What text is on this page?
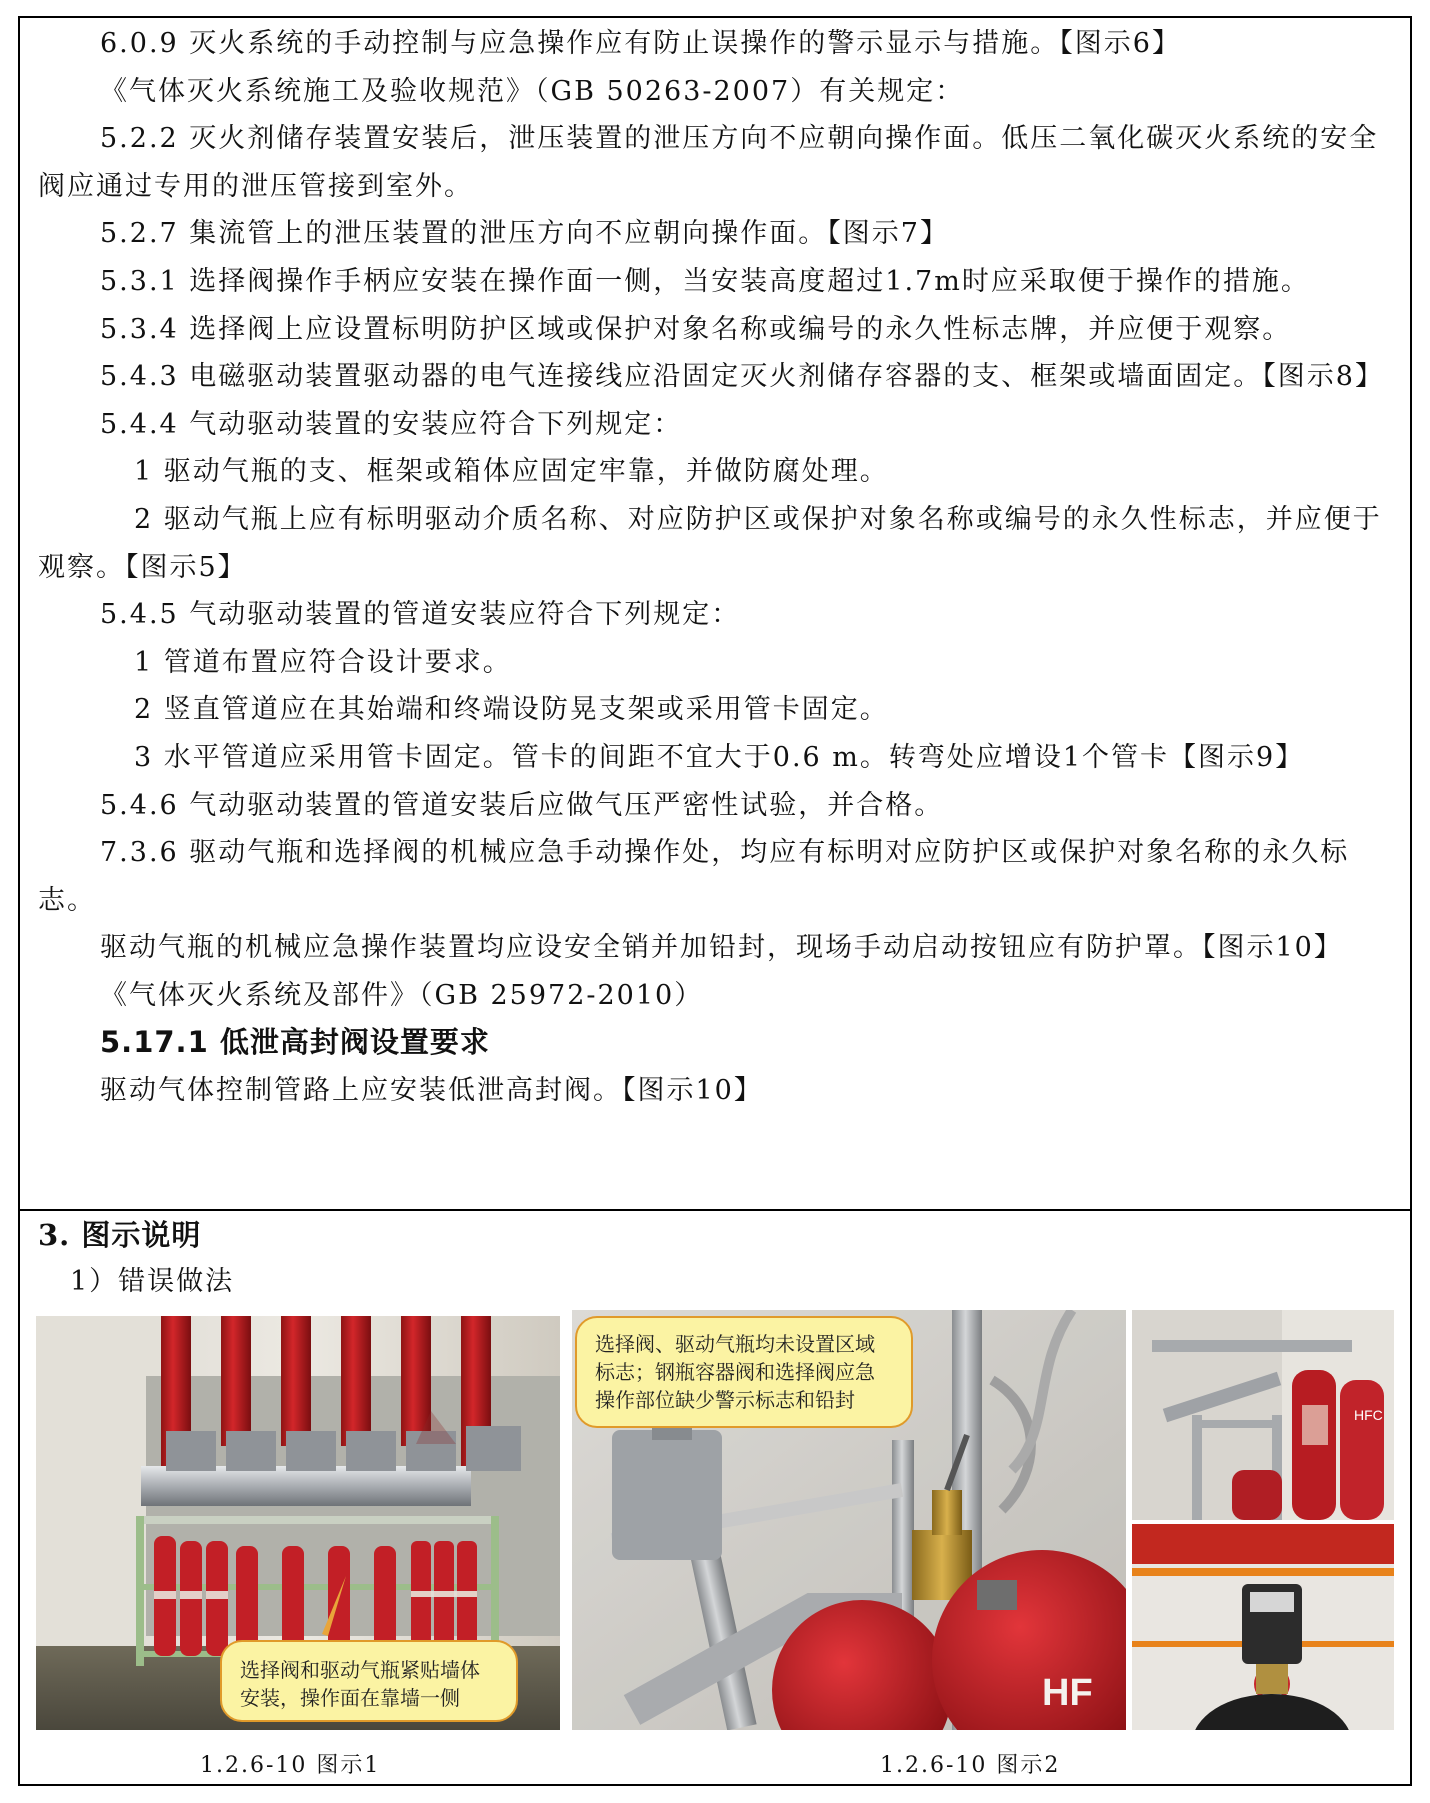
6.0.9 灭火系统的手动控制与应急操作应有防止误操作的警示显示与措施。【图示6】

《气体灭火系统施工及验收规范》（GB 50263-2007）有关规定：

5.2.2 灭火剂储存装置安装后，泄压装置的泄压方向不应朝向操作面。低压二氧化碳灭火系统的安全阀应通过专用的泄压管接到室外。

5.2.7 集流管上的泄压装置的泄压方向不应朝向操作面。【图示7】

5.3.1 选择阀操作手柄应安装在操作面一侧，当安装高度超过1.7m时应采取便于操作的措施。

5.3.4 选择阀上应设置标明防护区域或保护对象名称或编号的永久性标志牌，并应便于观察。

5.4.3 电磁驱动装置驱动器的电气连接线应沿固定灭火剂储存容器的支、框架或墙面固定。【图示8】

5.4.4 气动驱动装置的安装应符合下列规定：

1 驱动气瓶的支、框架或箱体应固定牢靠，并做防腐处理。

2 驱动气瓶上应有标明驱动介质名称、对应防护区或保护对象名称或编号的永久性标志，并应便于观察。【图示5】

5.4.5 气动驱动装置的管道安装应符合下列规定：

1 管道布置应符合设计要求。

2 竖直管道应在其始端和终端设防晃支架或采用管卡固定。

3 水平管道应采用管卡固定。管卡的间距不宜大于0.6 m。转弯处应增设1个管卡【图示9】

5.4.6 气动驱动装置的管道安装后应做气压严密性试验，并合格。

7.3.6 驱动气瓶和选择阀的机械应急手动操作处，均应有标明对应防护区或保护对象名称的永久标志。

驱动气瓶的机械应急操作装置均应设安全销并加铅封，现场手动启动按钮应有防护罩。【图示10】

《气体灭火系统及部件》（GB 25972-2010）

5.17.1 低泄高封阀设置要求

驱动气体控制管路上应安装低泄高封阀。【图示10】

3. 图示说明
1）错误做法
选择阀和驱动气瓶紧贴墙体安装，操作面在靠墙一侧	HF
选择阀、驱动气瓶均未设置区域标志；钢瓶容器阀和选择阀应急操作部位缺少警示标志和铅封
HFC
1.2.6-10 图示1	1.2.6-10 图示2
